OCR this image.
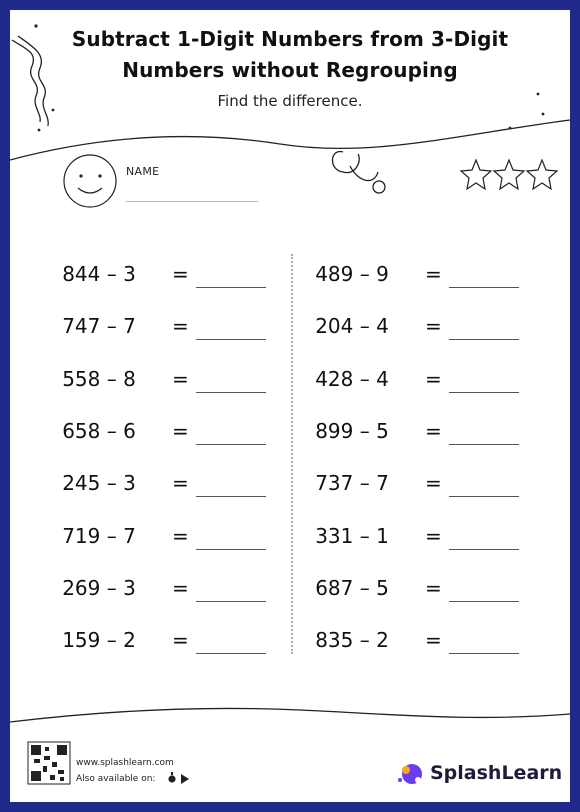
Subtract 1-Digit Numbers from 3-Digit
Numbers without Regrouping
Find the difference.
NAME
844 – 3	=
747 – 7	=
558 – 8	=
658 – 6	=
245 – 3	=
719 – 7	=
269 – 3	=
159 – 2	=
489 – 9	=
204 – 4	=
428 – 4	=
899 – 5	=
737 – 7	=
331 – 1	=
687 – 5	=
835 – 2	=
www.splashlearn.com
Also available on:	SplashLearn
